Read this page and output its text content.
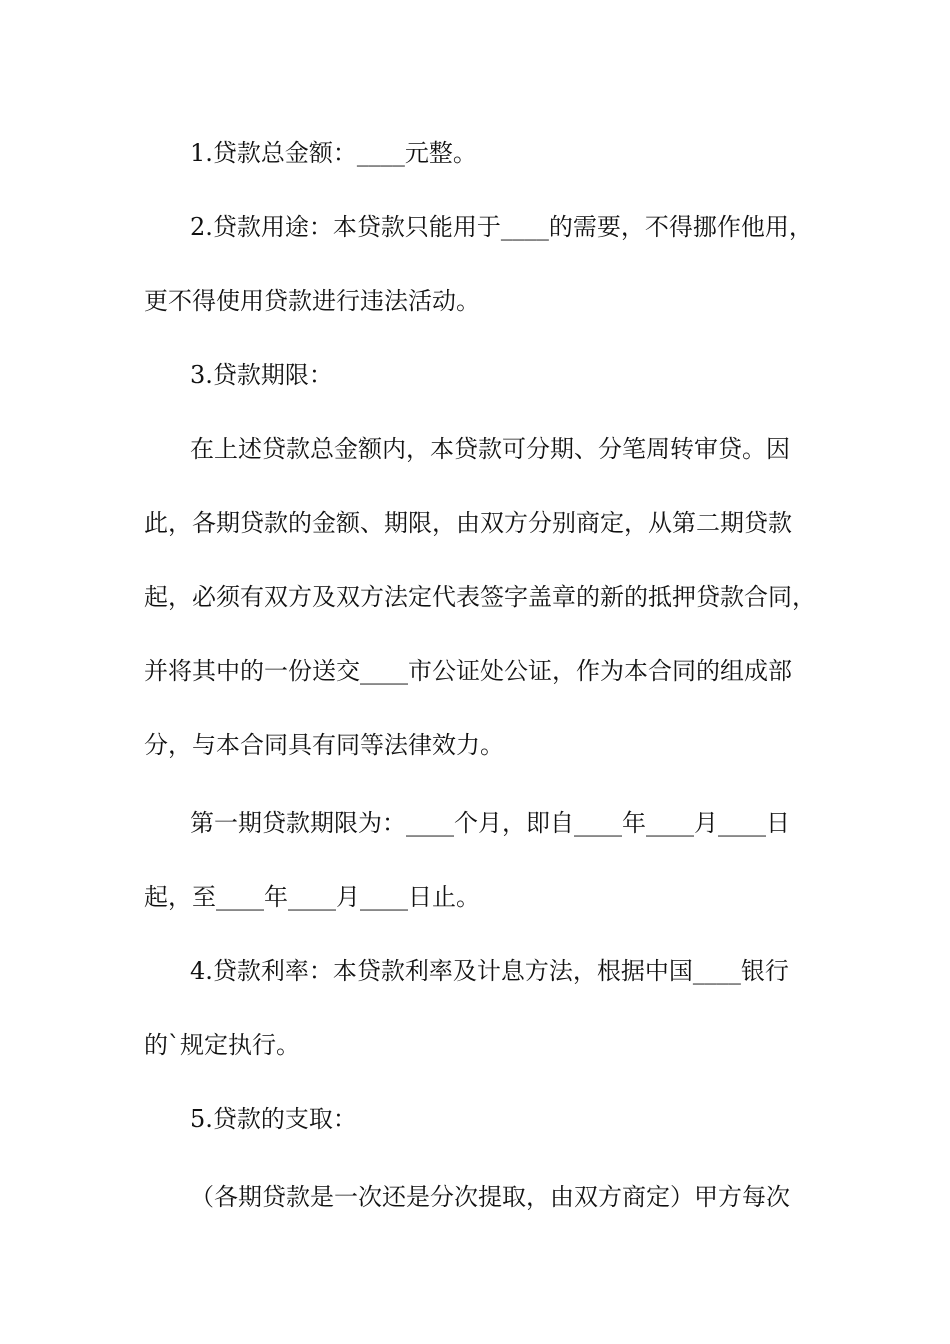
1.贷款总金额：____元整。
2.贷款用途：本贷款只能用于____的需要，不得挪作他用，
更不得使用贷款进行违法活动。
3.贷款期限：
在上述贷款总金额内，本贷款可分期、分笔周转审贷。因
此，各期贷款的金额、期限，由双方分别商定，从第二期贷款
起，必须有双方及双方法定代表签字盖章的新的抵押贷款合同，
并将其中的一份送交____市公证处公证，作为本合同的组成部
分，与本合同具有同等法律效力。
第一期贷款期限为：____个月，即自____年____月____日
起，至____年____月____日止。
4.贷款利率：本贷款利率及计息方法，根据中国____银行
的`规定执行。
5.贷款的支取：
（各期贷款是一次还是分次提取，由双方商定）甲方每次
